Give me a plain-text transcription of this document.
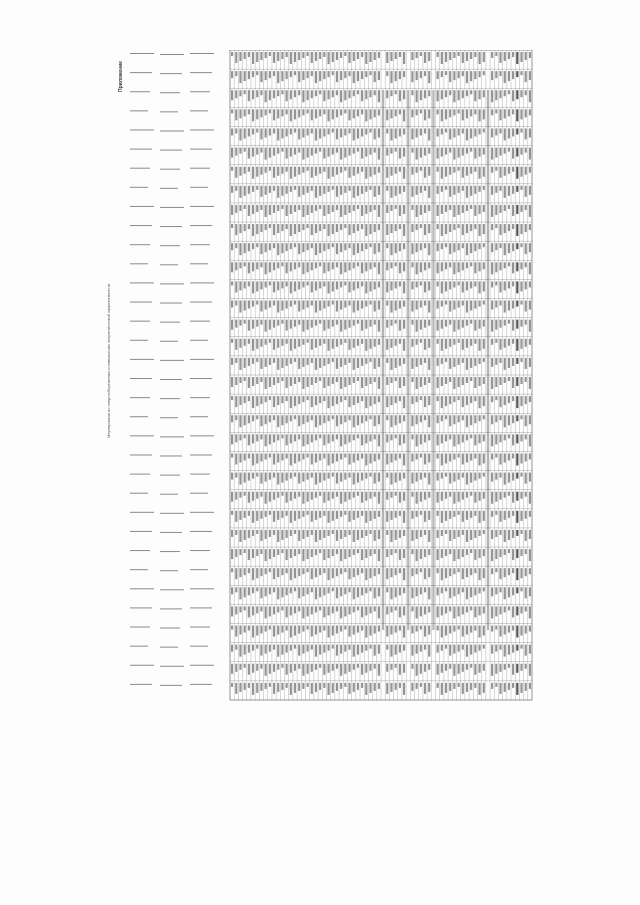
Мероприятия по энергосбережению и повышению энергетической эффективности
Приложение
